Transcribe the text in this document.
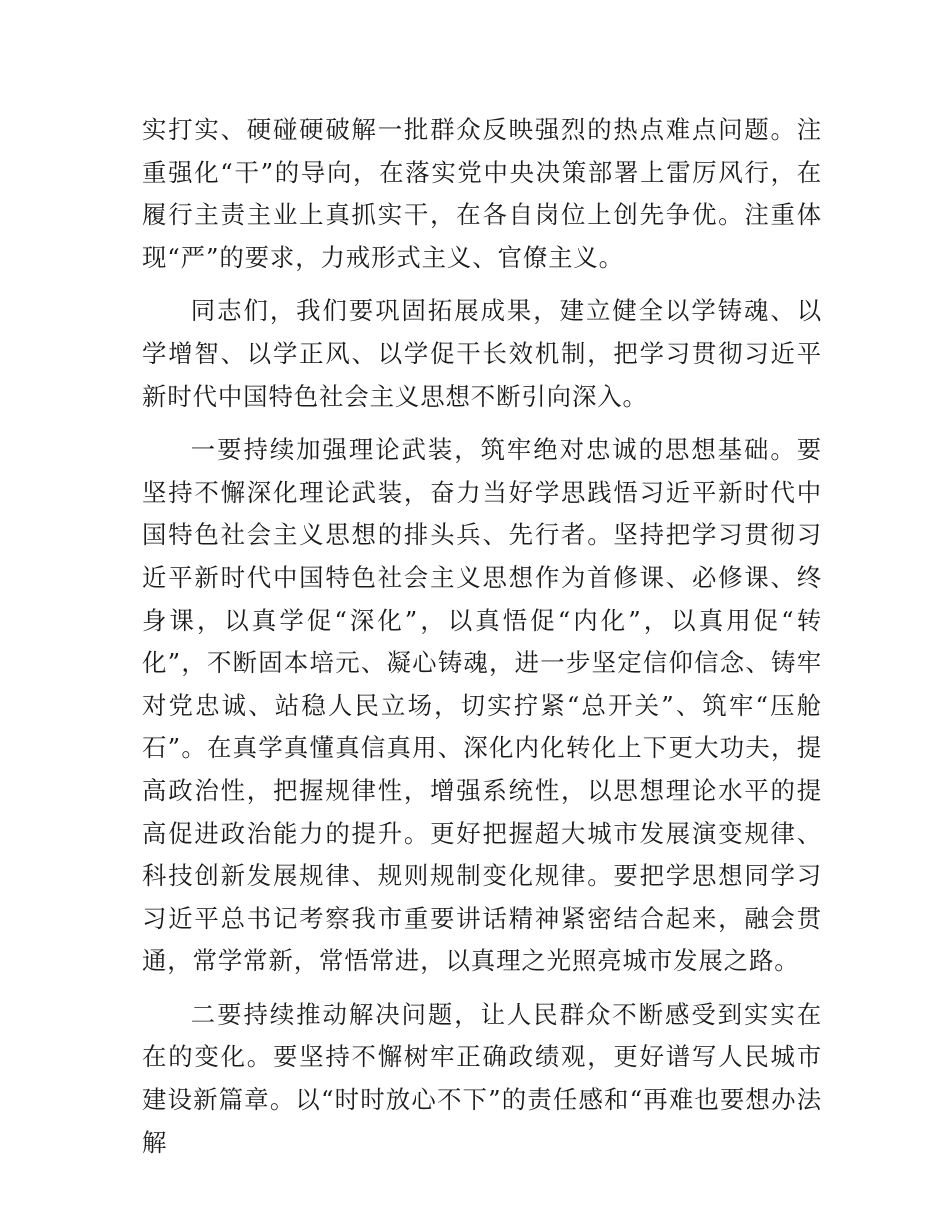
实打实、硬碰硬破解一批群众反映强烈的热点难点问题。注重强化“干”的导向，在落实党中央决策部署上雷厉风行，在履行主责主业上真抓实干，在各自岗位上创先争优。注重体现“严”的要求，力戒形式主义、官僚主义。

同志们，我们要巩固拓展成果，建立健全以学铸魂、以学增智、以学正风、以学促干长效机制，把学习贯彻习近平新时代中国特色社会主义思想不断引向深入。

一要持续加强理论武装，筑牢绝对忠诚的思想基础。要坚持不懈深化理论武装，奋力当好学思践悟习近平新时代中国特色社会主义思想的排头兵、先行者。坚持把学习贯彻习近平新时代中国特色社会主义思想作为首修课、必修课、终身课，以真学促“深化”，以真悟促“内化”，以真用促“转化”，不断固本培元、凝心铸魂，进一步坚定信仰信念、铸牢对党忠诚、站稳人民立场，切实拧紧“总开关”、筑牢“压舱石”。在真学真懂真信真用、深化内化转化上下更大功夫，提高政治性，把握规律性，增强系统性，以思想理论水平的提高促进政治能力的提升。更好把握超大城市发展演变规律、科技创新发展规律、规则规制变化规律。要把学思想同学习习近平总书记考察我市重要讲话精神紧密结合起来，融会贯通，常学常新，常悟常进，以真理之光照亮城市发展之路。

二要持续推动解决问题，让人民群众不断感受到实实在在的变化。要坚持不懈树牢正确政绩观，更好谱写人民城市建设新篇章。以“时时放心不下”的责任感和“再难也要想办法解
